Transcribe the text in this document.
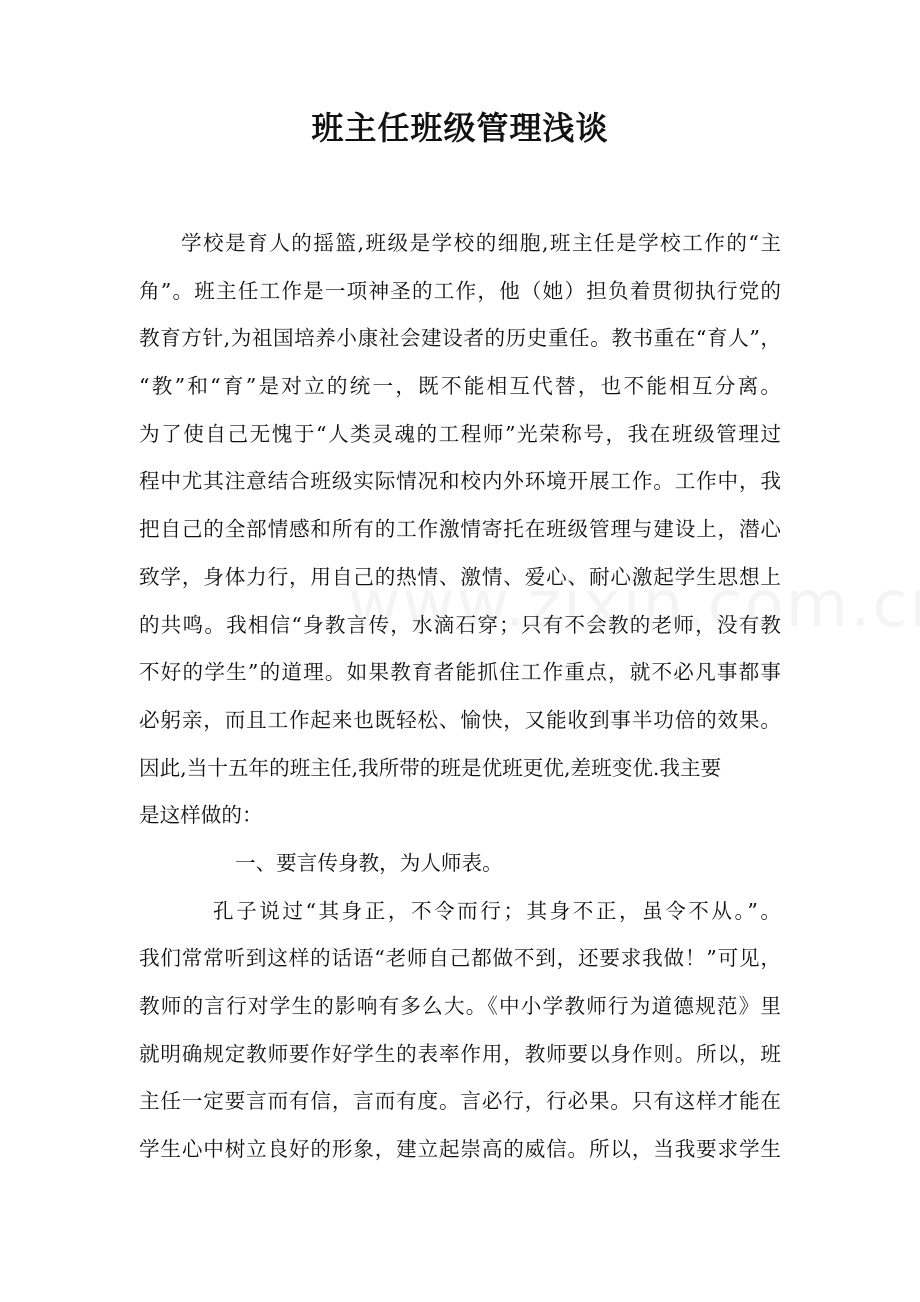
班主任班级管理浅谈
学校是育人的摇篮,班级是学校的细胞,班主任是学校工作的“主
角”。班主任工作是一项神圣的工作，他（她）担负着贯彻执行党的
教育方针,为祖国培养小康社会建设者的历史重任。教书重在“育人”，
“教”和“育”是对立的统一，既不能相互代替，也不能相互分离。
为了使自己无愧于“人类灵魂的工程师”光荣称号，我在班级管理过
程中尤其注意结合班级实际情况和校内外环境开展工作。工作中，我
把自己的全部情感和所有的工作激情寄托在班级管理与建设上，潜心
致学，身体力行，用自己的热情、激情、爱心、耐心激起学生思想上
的共鸣。我相信“身教言传，水滴石穿；只有不会教的老师，没有教
不好的学生”的道理。如果教育者能抓住工作重点，就不必凡事都事
必躬亲，而且工作起来也既轻松、愉快，又能收到事半功倍的效果。
因此,当十五年的班主任,我所带的班是优班更优,差班变优.我主要
是这样做的：
一、要言传身教，为人师表。
孔子说过“其身正，不令而行；其身不正，虽令不从。”。
我们常常听到这样的话语“老师自己都做不到，还要求我做！”可见，
教师的言行对学生的影响有多么大。《中小学教师行为道德规范》里
就明确规定教师要作好学生的表率作用，教师要以身作则。所以，班
主任一定要言而有信，言而有度。言必行，行必果。只有这样才能在
学生心中树立良好的形象，建立起崇高的威信。所以，当我要求学生
